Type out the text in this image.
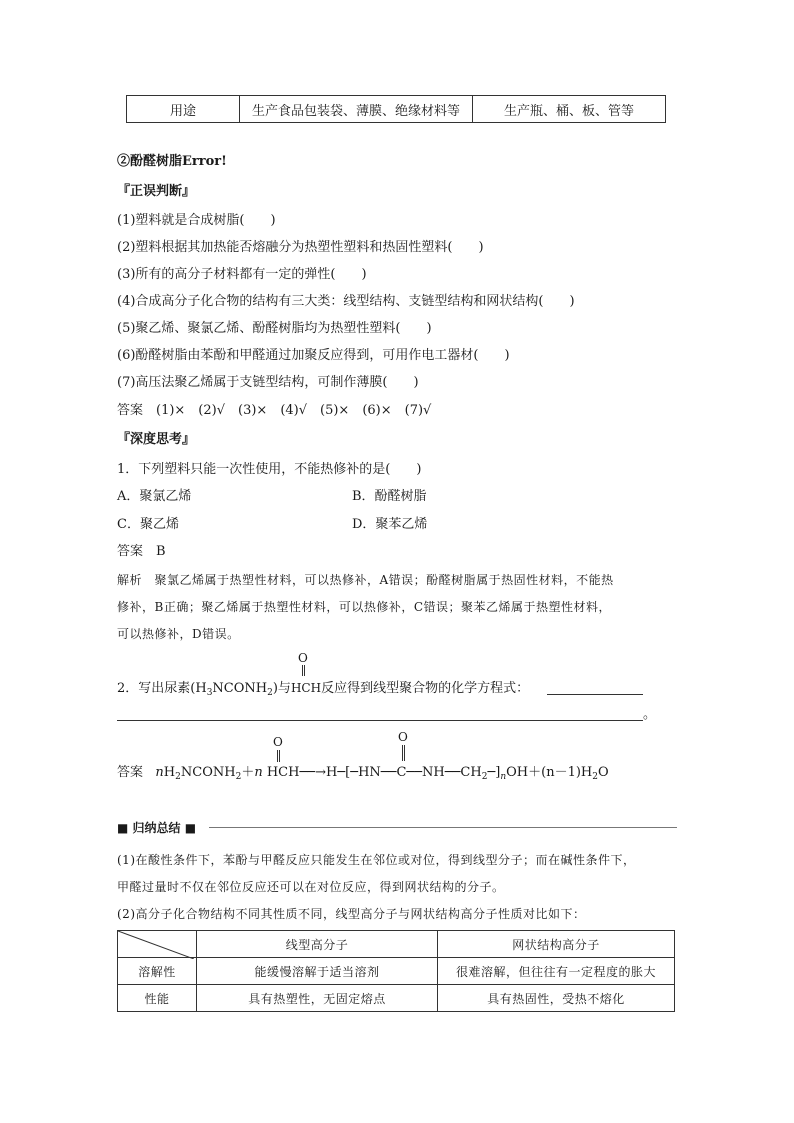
用途	生产食品包装袋、薄膜、绝缘材料等	生产瓶、桶、板、管等
②酚醛树脂Error!
『正误判断』
(1)塑料就是合成树脂(　　)
(2)塑料根据其加热能否熔融分为热塑性塑料和热固性塑料(　　)
(3)所有的高分子材料都有一定的弹性(　　)
(4)合成高分子化合物的结构有三大类：线型结构、支链型结构和网状结构(　　)
(5)聚乙烯、聚氯乙烯、酚醛树脂均为热塑性塑料(　　)
(6)酚醛树脂由苯酚和甲醛通过加聚反应得到，可用作电工器材(　　)
(7)高压法聚乙烯属于支链型结构，可制作薄膜(　　)
答案　(1)×　(2)√　(3)×　(4)√　(5)×　(6)×　(7)√
『深度思考』
1．下列塑料只能一次性使用，不能热修补的是(　　)
A．聚氯乙烯	B．酚醛树脂
C．聚乙烯	D．聚苯乙烯
答案　B
解析　聚氯乙烯属于热塑性材料，可以热修补，A错误；酚醛树脂属于热固性材料，不能热
修补，B正确；聚乙烯属于热塑性材料，可以热修补，C错误；聚苯乙烯属于热塑性材料，
可以热修补，D错误。
O
2．写出尿素$(H_3NCONH_2)$与HCH反应得到线型聚合物的化学方程式：
。
O	O
答案 $nH_2NCONH_2+n$ $HCH──\to H─[─HN──C──NH──CH_2─]_nOH+(n-1)H_2O$
■ 归纳总结 ■
(1)在酸性条件下，苯酚与甲醛反应只能发生在邻位或对位，得到线型分子；而在碱性条件下，
甲醛过量时不仅在邻位反应还可以在对位反应，得到网状结构的分子。
(2)高分子化合物结构不同其性质不同，线型高分子与网状结构高分子性质对比如下：
	线型高分子	网状结构高分子
溶解性	能缓慢溶解于适当溶剂	很难溶解，但往往有一定程度的胀大
性能	具有热塑性，无固定熔点	具有热固性，受热不熔化
